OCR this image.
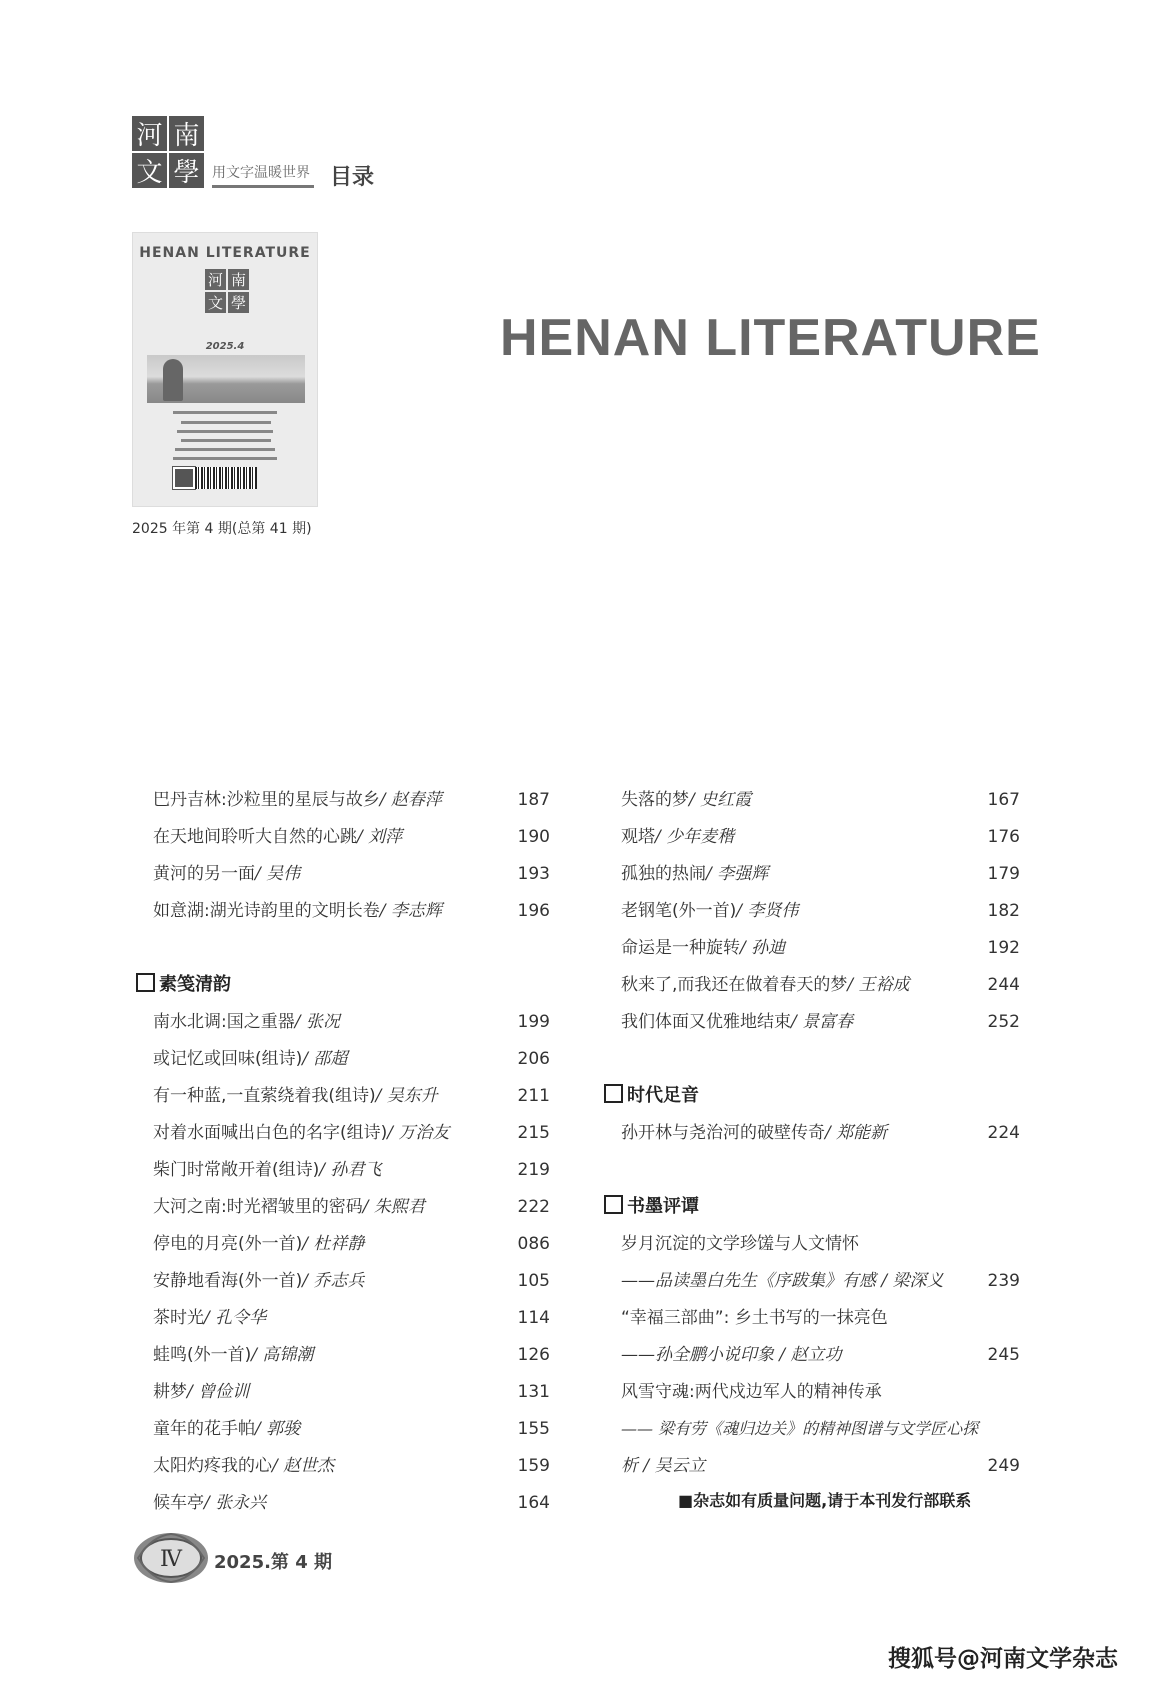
河 南
文 學 用文字温暖世界 目录
HENAN LITERATURE
河 南
文 學
2025.4
2025 年第 4 期(总第 41 期)
HENAN LITERATURE
巴丹吉林:沙粒里的星辰与故乡/ 赵春萍	187
在天地间聆听大自然的心跳/ 刘萍	190
黄河的另一面/ 吴伟	193
如意湖:湖光诗韵里的文明长卷/ 李志辉	196
素笺清韵
南水北调:国之重器/ 张况	199
或记忆或回味(组诗)/ 邵超	206
有一种蓝,一直萦绕着我(组诗)/ 吴东升	211
对着水面喊出白色的名字(组诗)/ 万治友	215
柴门时常敞开着(组诗)/ 孙君飞	219
大河之南:时光褶皱里的密码/ 朱熙君	222
停电的月亮(外一首)/ 杜祥静	086
安静地看海(外一首)/ 乔志兵	105
茶时光/ 孔令华	114
蛙鸣(外一首)/ 高锦潮	126
耕梦/ 曾俭训	131
童年的花手帕/ 郭骏	155
太阳灼疼我的心/ 赵世杰	159
候车亭/ 张永兴	164
失落的梦/ 史红霞	167
观塔/ 少年麦稭	176
孤独的热闹/ 李强辉	179
老钢笔(外一首)/ 李贤伟	182
命运是一种旋转/ 孙迪	192
秋来了,而我还在做着春天的梦/ 王裕成	244
我们体面又优雅地结束/ 景富春	252
时代足音
孙开林与尧治河的破壁传奇/ 郑能新	224
书墨评谭
岁月沉淀的文学珍馐与人文情怀
——品读墨白先生《序跋集》有感 / 梁深义	239
“幸福三部曲”: 乡土书写的一抹亮色
——孙全鹏小说印象 / 赵立功	245
风雪守魂:两代戍边军人的精神传承
—— 梁有劳《魂归边关》的精神图谱与文学匠心探
析 / 吴云立	249
■杂志如有质量问题,请于本刊发行部联系
Ⅳ 2025.第 4 期
搜狐号@河南文学杂志
